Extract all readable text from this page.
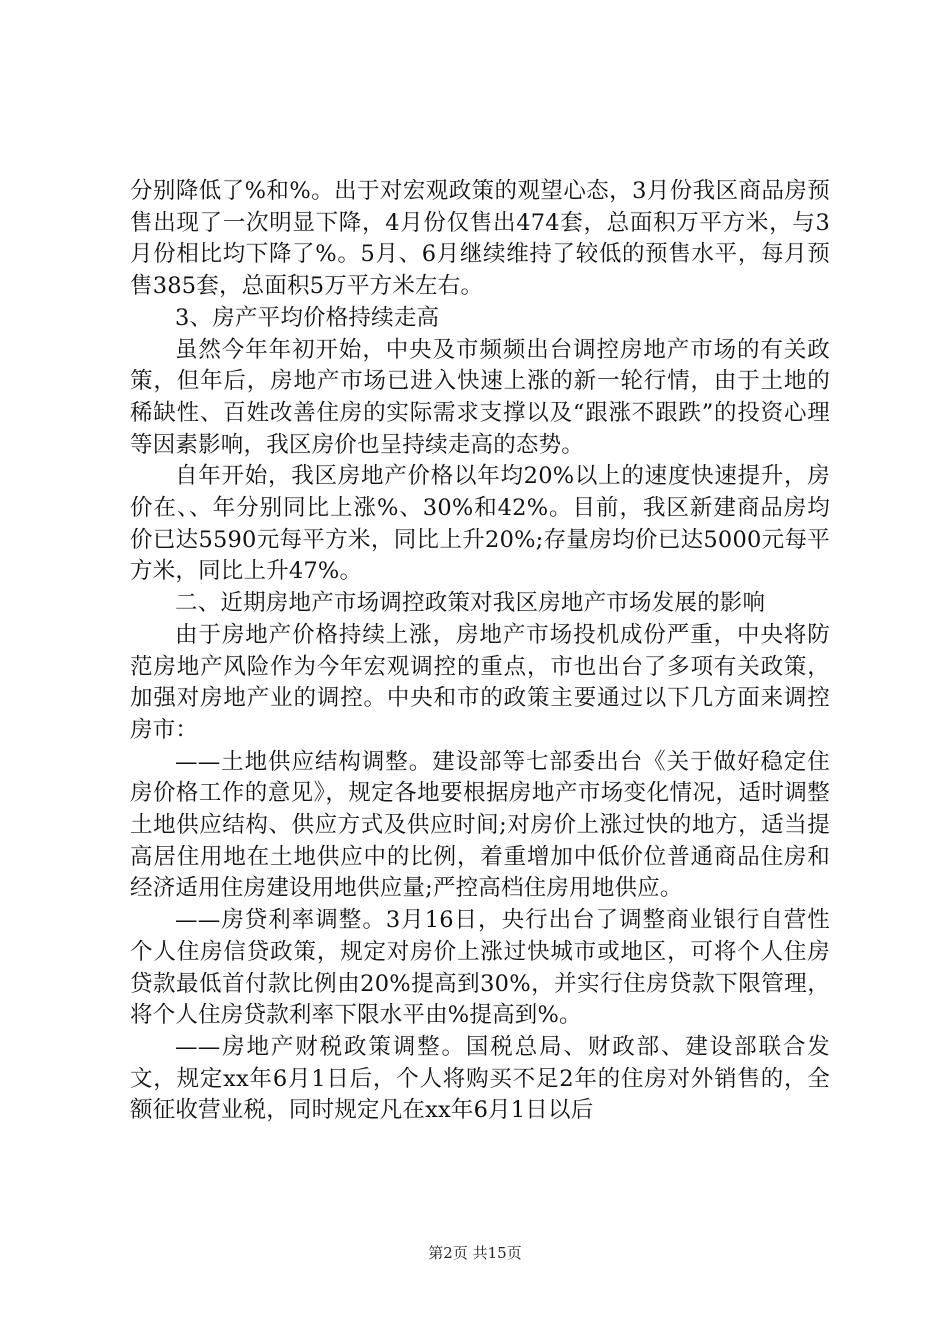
分别降低了%和%。出于对宏观政策的观望心态，3月份我区商品房预售出现了一次明显下降，4月份仅售出474套，总面积万平方米，与3月份相比均下降了%。5月、6月继续维持了较低的预售水平，每月预售385套，总面积5万平方米左右。

3、房产平均价格持续走高

虽然今年年初开始，中央及市频频出台调控房地产市场的有关政策，但年后，房地产市场已进入快速上涨的新一轮行情，由于土地的稀缺性、百姓改善住房的实际需求支撑以及“跟涨不跟跌”的投资心理等因素影响，我区房价也呈持续走高的态势。

自年开始，我区房地产价格以年均20%以上的速度快速提升，房价在、、年分别同比上涨%、30%和42%。目前，我区新建商品房均价已达5590元每平方米，同比上升20%;存量房均价已达5000元每平方米，同比上升47%。

二、近期房地产市场调控政策对我区房地产市场发展的影响

由于房地产价格持续上涨，房地产市场投机成份严重，中央将防范房地产风险作为今年宏观调控的重点，市也出台了多项有关政策，加强对房地产业的调控。中央和市的政策主要通过以下几方面来调控房市：

——土地供应结构调整。建设部等七部委出台《关于做好稳定住房价格工作的意见》，规定各地要根据房地产市场变化情况，适时调整土地供应结构、供应方式及供应时间;对房价上涨过快的地方，适当提高居住用地在土地供应中的比例，着重增加中低价位普通商品住房和经济适用住房建设用地供应量;严控高档住房用地供应。

——房贷利率调整。3月16日，央行出台了调整商业银行自营性个人住房信贷政策，规定对房价上涨过快城市或地区，可将个人住房贷款最低首付款比例由20%提高到30%，并实行住房贷款下限管理，将个人住房贷款利率下限水平由%提高到%。

——房地产财税政策调整。国税总局、财政部、建设部联合发文，规定xx年6月1日后，个人将购买不足2年的住房对外销售的，全额征收营业税，同时规定凡在xx年6月1日以后

第2页 共15页
